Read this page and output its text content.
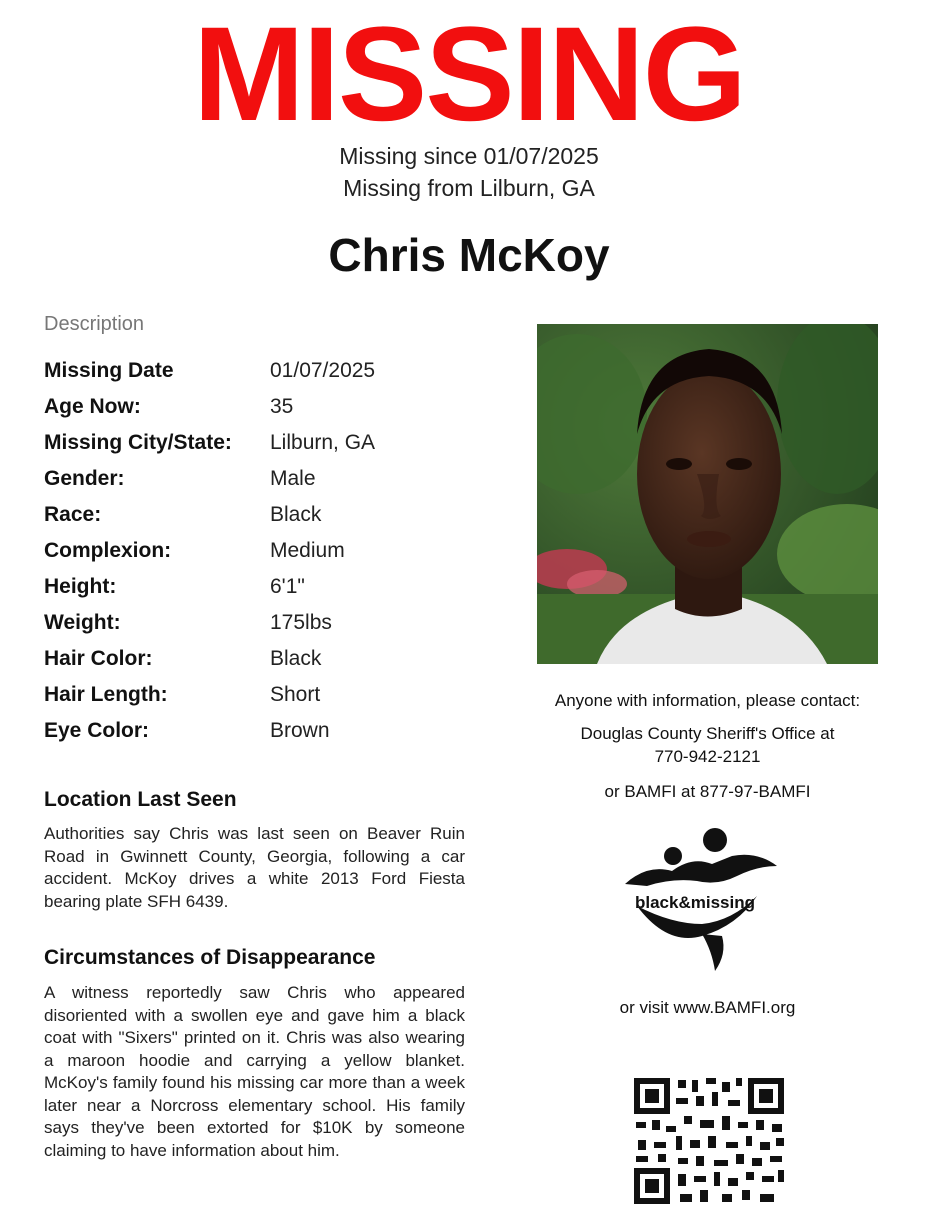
MISSING
Missing since 01/07/2025
Missing from Lilburn, GA
Chris McKoy
Description
Missing Date	01/07/2025
Age Now:	35
Missing City/State:	Lilburn, GA
Gender:	Male
Race:	Black
Complexion:	Medium
Height:	6'1"
Weight:	175lbs
Hair Color:	Black
Hair Length:	Short
Eye Color:	Brown
Location Last Seen
Authorities say Chris was last seen on Beaver Ruin Road in Gwinnett County, Georgia, following a car accident. McKoy drives a white 2013 Ford Fiesta bearing plate SFH 6439.
Circumstances of Disappearance
A witness reportedly saw Chris who appeared disoriented with a swollen eye and gave him a black coat with "Sixers" printed on it. Chris was also wearing a maroon hoodie and carrying a yellow blanket. McKoy's family found his missing car more than a week later near a Norcross elementary school. His family says they've been extorted for $10K by someone claiming to have information about him.
Anyone with information, please contact:
Douglas County Sheriff's Office at
770-942-2121
or BAMFI at 877-97-BAMFI
black&missing
or visit www.BAMFI.org
